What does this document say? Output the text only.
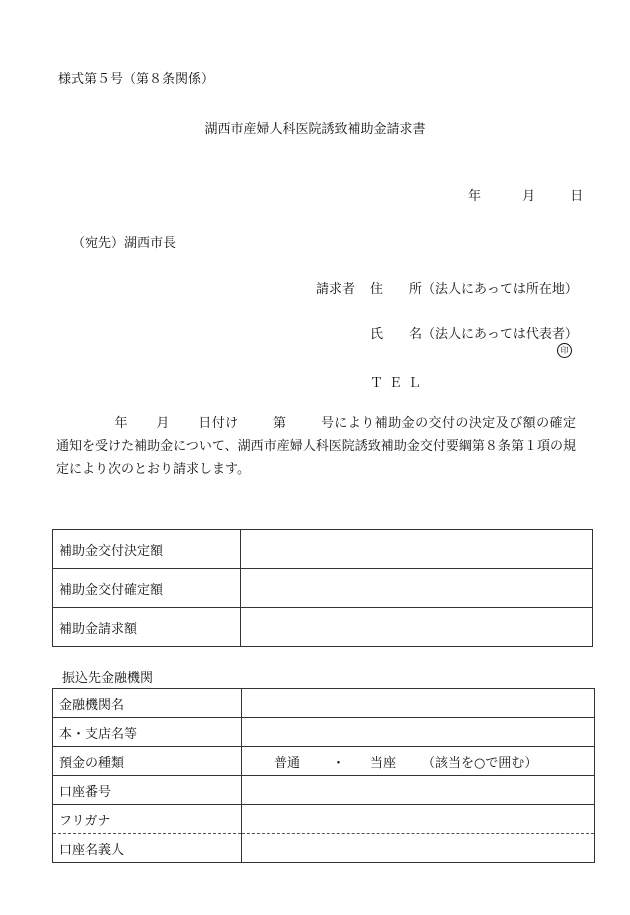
様式第５号（第８条関係）
湖西市産婦人科医院誘致補助金請求書
年	月	日
（宛先）湖西市長
請求者 住　　所（法人にあっては所在地）
氏　　名（法人にあっては代表者）
印
ＴＥＬ
年 月 日付け	第	号により補助金の交付の決定及び額の確定通知を受けた補助金について、湖西市産婦人科医院誘致補助金交付要綱第８条第１項の規定により次のとおり請求します。
補助金交付決定額	
補助金交付確定額	
補助金請求額	
振込先金融機関
金融機関名	
本・支店名等	
預金の種類	普通 ・ 当座 （該当を○で囲む）
口座番号	
フリガナ	
口座名義人	
